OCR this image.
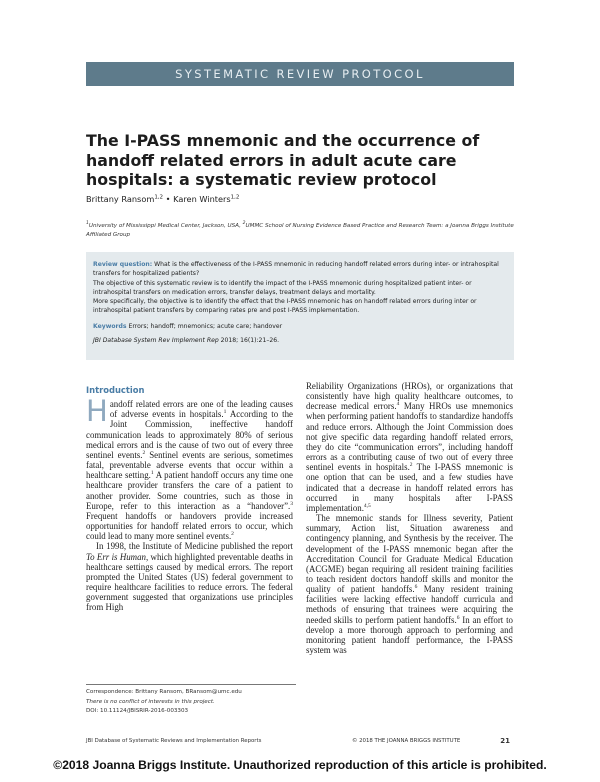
SYSTEMATIC REVIEW PROTOCOL
The I-PASS mnemonic and the occurrence of handoff related errors in adult acute care hospitals: a systematic review protocol
Brittany Ransom$^{1,2}$ • Karen Winters$^{1,2}$
$^1$University of Mississippi Medical Center, Jackson, USA, $^2$UMMC School of Nursing Evidence Based Practice and Research Team: a Joanna Briggs Institute Affiliated Group

Review question: What is the effectiveness of the I-PASS mnemonic in reducing handoff related errors during inter- or intrahospital transfers for hospitalized patients?

The objective of this systematic review is to identify the impact of the I-PASS mnemonic during hospitalized patient inter- or intrahospital transfers on medication errors, transfer delays, treatment delays and mortality.

More specifically, the objective is to identify the effect that the I-PASS mnemonic has on handoff related errors during inter or intrahospital patient transfers by comparing rates pre and post I-PASS implementation.

Keywords Errors; handoff; mnemonics; acute care; handover

JBI Database System Rev Implement Rep 2018; 16(1):21–26.

Introduction

Handoff related errors are one of the leading causes of adverse events in hospitals.$^1$ According to the Joint Commission, ineffective handoff communication leads to approximately 80% of serious medical errors and is the cause of two out of every three sentinel events.$^2$ Sentinel events are serious, sometimes fatal, preventable adverse events that occur within a healthcare setting.$^1$ A patient handoff occurs any time one healthcare provider transfers the care of a patient to another provider. Some countries, such as those in Europe, refer to this interaction as a “handover”.$^3$ Frequent handoffs or handovers provide increased opportunities for handoff related errors to occur, which could lead to many more sentinel events.$^2$

In 1998, the Institute of Medicine published the report To Err is Human, which highlighted preventable deaths in healthcare settings caused by medical errors. The report prompted the United States (US) federal government to require healthcare facilities to reduce errors. The federal government suggested that organizations use principles from High

Reliability Organizations (HROs), or organizations that consistently have high quality healthcare outcomes, to decrease medical errors.$^4$ Many HROs use mnemonics when performing patient handoffs to standardize handoffs and reduce errors. Although the Joint Commission does not give specific data regarding handoff related errors, they do cite “communication errors”, including handoff errors as a contributing cause of two out of every three sentinel events in hospitals.$^2$ The I-PASS mnemonic is one option that can be used, and a few studies have indicated that a decrease in handoff related errors has occurred in many hospitals after I-PASS implementation.$^{4,5}$

The mnemonic stands for Illness severity, Patient summary, Action list, Situation awareness and contingency planning, and Synthesis by the receiver. The development of the I-PASS mnemonic began after the Accreditation Council for Graduate Medical Education (ACGME) began requiring all resident training facilities to teach resident doctors handoff skills and monitor the quality of patient handoffs.$^6$ Many resident training facilities were lacking effective handoff curricula and methods of ensuring that trainees were acquiring the needed skills to perform patient handoffs.$^6$ In an effort to develop a more thorough approach to performing and monitoring patient handoff performance, the I-PASS system was

Correspondence: Brittany Ransom, BRansom@umc.edu

There is no conflict of interests in this project.

DOI: 10.11124/JBISRIR-2016-003303

JBI Database of Systematic Reviews and Implementation Reports	© 2018 THE JOANNA BRIGGS INSTITUTE	21
©2018 Joanna Briggs Institute. Unauthorized reproduction of this article is prohibited.
